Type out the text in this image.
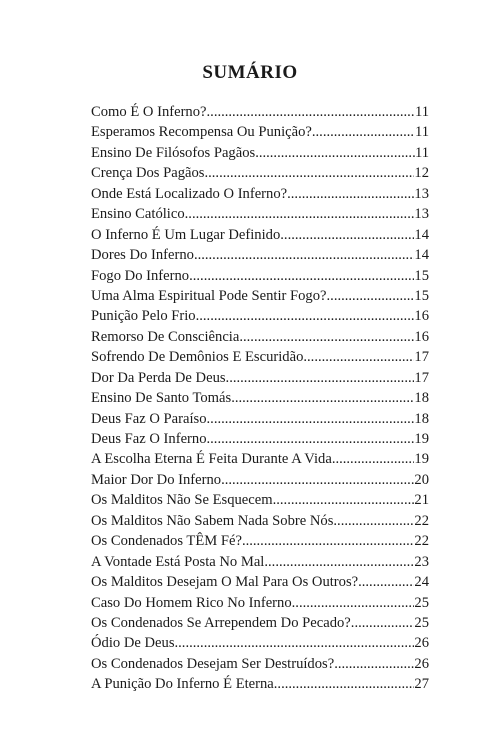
SUMÁRIO
Como É O Inferno? .....	11
Esperamos Recompensa Ou Punição? .....	11
Ensino De Filósofos Pagãos .....	11
Crença Dos Pagãos .....	12
Onde Está Localizado O Inferno? .....	13
Ensino Católico .....	13
O Inferno É Um Lugar Definido .....	14
Dores Do Inferno .....	14
Fogo Do Inferno .....	15
Uma Alma Espiritual Pode Sentir Fogo? .....	15
Punição Pelo Frio .....	16
Remorso De Consciência .....	16
Sofrendo De Demônios E Escuridão .....	17
Dor Da Perda De Deus .....	17
Ensino De Santo Tomás .....	18
Deus Faz O Paraíso .....	18
Deus Faz O Inferno .....	19
A Escolha Eterna É Feita Durante A Vida .....	19
Maior Dor Do Inferno .....	20
Os Malditos Não Se Esquecem .....	21
Os Malditos Não Sabem Nada Sobre Nós .....	22
Os Condenados TÊM Fé? .....	22
A Vontade Está Posta No Mal .....	23
Os Malditos Desejam O Mal Para Os Outros? .....	24
Caso Do Homem Rico No Inferno .....	25
Os Condenados Se Arrependem Do Pecado? .....	25
Ódio De Deus .....	26
Os Condenados Desejam Ser Destruídos? .....	26
A Punição Do Inferno É Eterna .....	27
